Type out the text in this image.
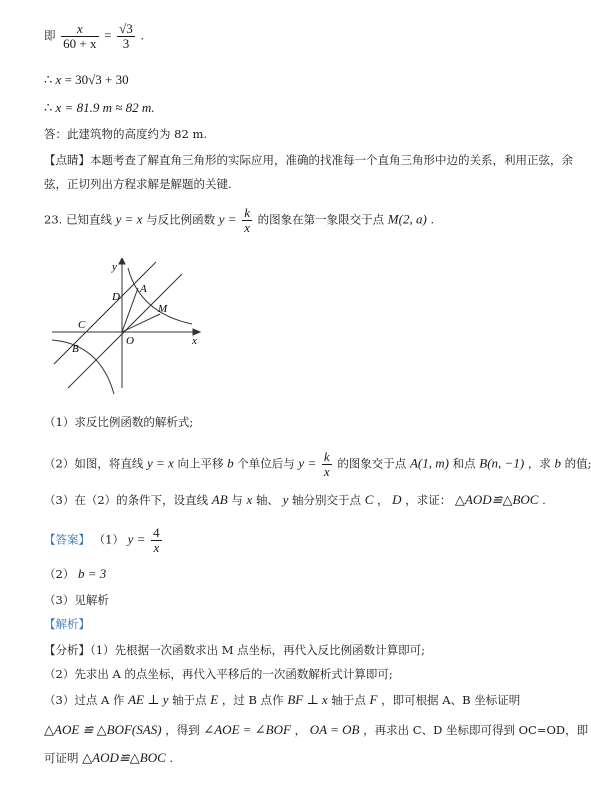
即 $\frac{x}{60 + x} = \frac{√3}{3}$ .
∴ x = 30√3 + 30
∴ x = 81.9 m ≈ 82 m.
答：此建筑物的高度约为 82 m.
【点睛】本题考查了解直角三角形的实际应用，准确的找准每一个直角三角形中边的关系，利用正弦，余
弦，正切列出方程求解是解题的关键.
23. 已知直线 y = x 与反比例函数 $y = \frac{k}{x}$ 的图象在第一象限交于点 M(2, a) .
y
x
A
D
M
C
O
B
（1）求反比例函数的解析式;
（2）如图，将直线 y = x 向上平移 b 个单位后与 $y = \frac{k}{x}$ 的图象交于点 A(1, m) 和点 B(n, −1) ，求 b 的值;
（3）在（2）的条件下，设直线 AB 与 x 轴、 y 轴分别交于点 C ， D ，求证： △AOD≌△BOC .
【答案】 （1） $y = \frac{4}{x}$
（2） b = 3
（3）见解析
【解析】
【分析】（1）先根据一次函数求出 M 点坐标，再代入反比例函数计算即可;
（2）先求出 A 的点坐标，再代入平移后的一次函数解析式计算即可;
（3）过点 A 作 AE ⊥ y 轴于点 E ，过 B 点作 BF ⊥ x 轴于点 F ，即可根据 A、B 坐标证明
△AOE ≌ △BOF(SAS) ，得到 ∠AOE = ∠BOF ， OA = OB ，再求出 C、D 坐标即可得到 OC=OD，即
可证明 △AOD≌△BOC .
